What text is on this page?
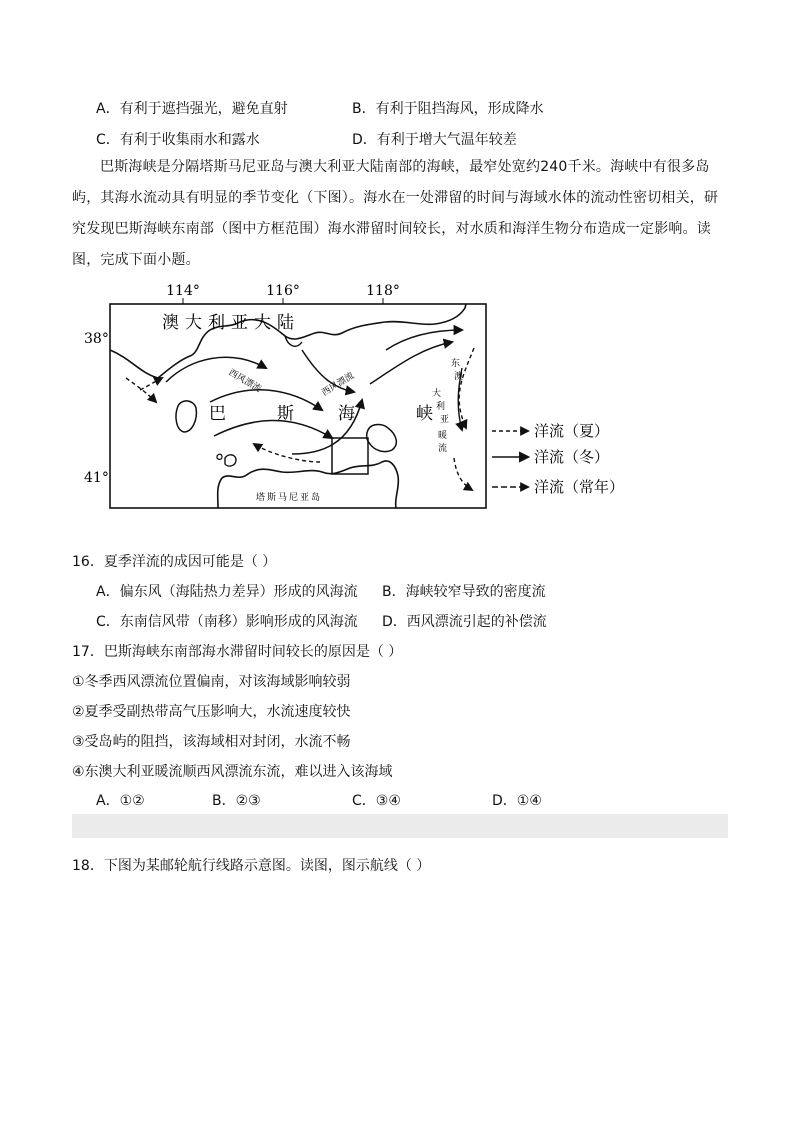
A．有利于遮挡强光，避免直射	B．有利于阻挡海风，形成降水
C．有利于收集雨水和露水	D．有利于增大气温年较差
巴斯海峡是分隔塔斯马尼亚岛与澳大利亚大陆南部的海峡，最窄处宽约240千米。海峡中有很多岛屿，其海水流动具有明显的季节变化（下图）。海水在一处滞留的时间与海域水体的流动性密切相关，研究发现巴斯海峡东南部（图中方框范围）海水滞留时间较长，对水质和海洋生物分布造成一定影响。读图，完成下面小题。
114°	116°	118°
38°
41°
澳大利亚大陆
巴	斯	海	峡
塔斯马尼亚岛
西风漂流	西风漂流
东
澳
大
利
亚
暖
流
洋流（夏）
洋流（冬）
洋流（常年）
16．夏季洋流的成因可能是（ ）
A．偏东风（海陆热力差异）形成的风海流 B．海峡较窄导致的密度流
C．东南信风带（南移）影响形成的风海流 D．西风漂流引起的补偿流
17．巴斯海峡东南部海水滞留时间较长的原因是（ ）
①冬季西风漂流位置偏南，对该海域影响较弱
②夏季受副热带高气压影响大，水流速度较快
③受岛屿的阻挡，该海域相对封闭，水流不畅
④东澳大利亚暖流顺西风漂流东流，难以进入该海域
A．①②	B．②③	C．③④	D．①④
18．下图为某邮轮航行线路示意图。读图，图示航线（ ）
